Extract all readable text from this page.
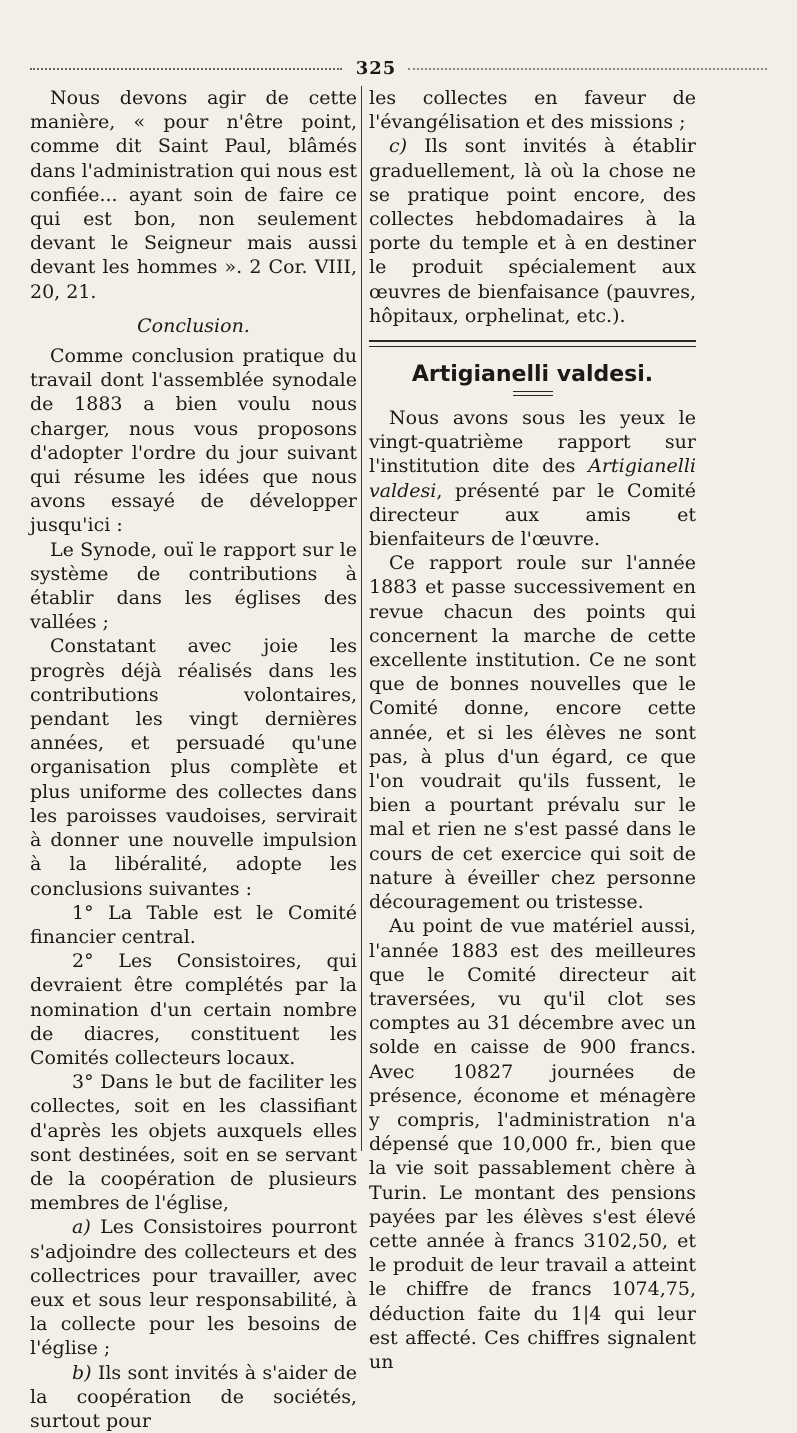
325

Nous devons agir de cette manière, « pour n'être point, comme dit Saint Paul, blâmés dans l'administration qui nous est confiée... ayant soin de faire ce qui est bon, non seulement devant le Seigneur mais aussi devant les hommes ». 2 Cor. VIII, 20, 21.

Conclusion.

Comme conclusion pratique du travail dont l'assemblée synodale de 1883 a bien voulu nous charger, nous vous proposons d'adopter l'ordre du jour suivant qui résume les idées que nous avons essayé de développer jusqu'ici :

Le Synode, ouï le rapport sur le système de contributions à établir dans les églises des vallées ;

Constatant avec joie les progrès déjà réalisés dans les contributions volontaires, pendant les vingt dernières années, et persuadé qu'une organisation plus complète et plus uniforme des collectes dans les paroisses vaudoises, servirait à donner une nouvelle impulsion à la libéralité, adopte les conclusions suivantes :

1° La Table est le Comité financier central.

2° Les Consistoires, qui devraient être complétés par la nomination d'un certain nombre de diacres, constituent les Comités collecteurs locaux.

3° Dans le but de faciliter les collectes, soit en les classifiant d'après les objets auxquels elles sont destinées, soit en se servant de la coopération de plusieurs membres de l'église,

a) Les Consistoires pourront s'adjoindre des collecteurs et des collectrices pour travailler, avec eux et sous leur responsabilité, à la collecte pour les besoins de l'église ;

b) Ils sont invités à s'aider de la coopération de sociétés, surtout pour

les collectes en faveur de l'évangélisation et des missions ;

c) Ils sont invités à établir graduellement, là où la chose ne se pratique point encore, des collectes hebdomadaires à la porte du temple et à en destiner le produit spécialement aux œuvres de bienfaisance (pauvres, hôpitaux, orphelinat, etc.).

Artigianelli valdesi.

Nous avons sous les yeux le vingt-quatrième rapport sur l'institution dite des Artigianelli valdesi, présenté par le Comité directeur aux amis et bienfaiteurs de l'œuvre.

Ce rapport roule sur l'année 1883 et passe successivement en revue chacun des points qui concernent la marche de cette excellente institution. Ce ne sont que de bonnes nouvelles que le Comité donne, encore cette année, et si les élèves ne sont pas, à plus d'un égard, ce que l'on voudrait qu'ils fussent, le bien a pourtant prévalu sur le mal et rien ne s'est passé dans le cours de cet exercice qui soit de nature à éveiller chez personne découragement ou tristesse.

Au point de vue matériel aussi, l'année 1883 est des meilleures que le Comité directeur ait traversées, vu qu'il clot ses comptes au 31 décembre avec un solde en caisse de 900 francs. Avec 10827 journées de présence, économe et ménagère y compris, l'administration n'a dépensé que 10,000 fr., bien que la vie soit passablement chère à Turin. Le montant des pensions payées par les élèves s'est élevé cette année à francs 3102,50, et le produit de leur travail a atteint le chiffre de francs 1074,75, déduction faite du 1|4 qui leur est affecté. Ces chiffres signalent un
